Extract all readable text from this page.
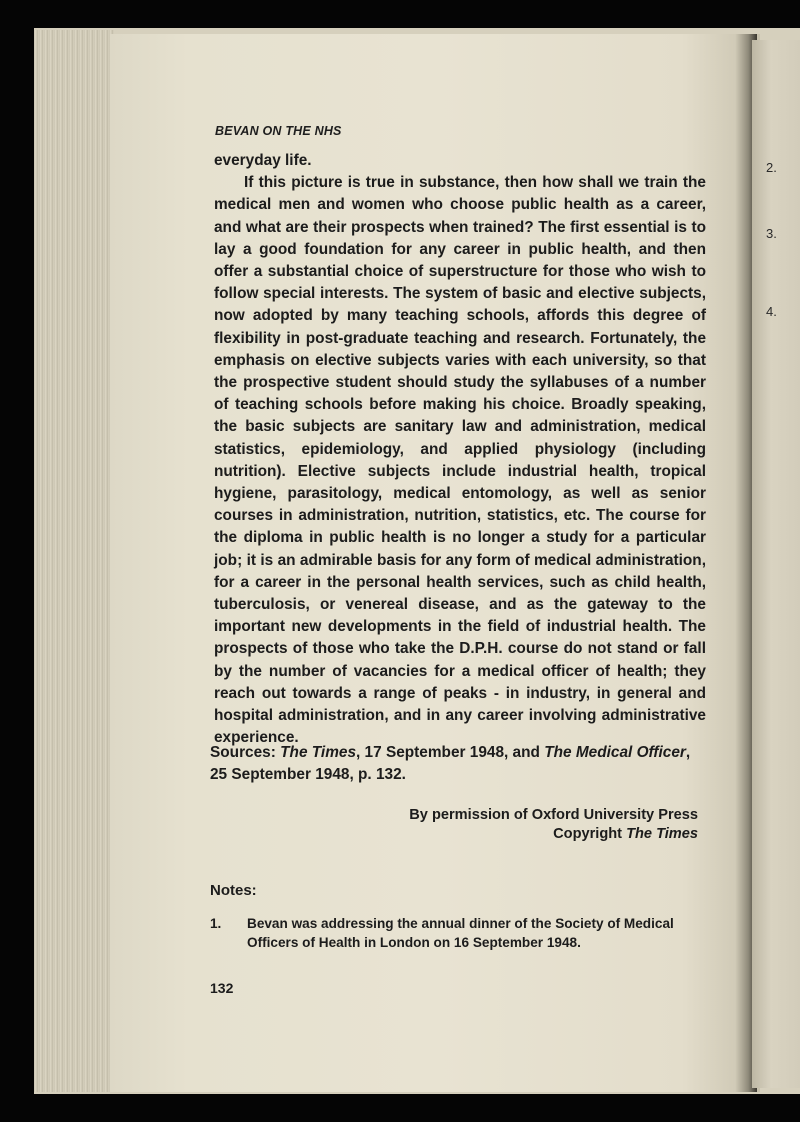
2.
3.
4.
BEVAN ON THE NHS

everyday life.

If this picture is true in substance, then how shall we train the medical men and women who choose public health as a career, and what are their prospects when trained? The first essential is to lay a good foundation for any career in public health, and then offer a substantial choice of superstructure for those who wish to follow special interests. The system of basic and elective subjects, now adopted by many teaching schools, affords this degree of flexibility in post-graduate teaching and research. Fortunately, the emphasis on elective subjects varies with each university, so that the prospective student should study the syllabuses of a number of teaching schools before making his choice. Broadly speaking, the basic subjects are sanitary law and administration, medical statistics, epidemiology, and applied physiology (including nutrition). Elective subjects include industrial health, tropical hygiene, parasitology, medical entomology, as well as senior courses in administration, nutrition, statistics, etc. The course for the diploma in public health is no longer a study for a particular job; it is an admirable basis for any form of medical administration, for a career in the personal health services, such as child health, tuberculosis, or venereal disease, and as the gateway to the important new developments in the field of industrial health. The prospects of those who take the D.P.H. course do not stand or fall by the number of vacancies for a medical officer of health; they reach out towards a range of peaks - in industry, in general and hospital administration, and in any career involving administrative experience.

Sources: The Times, 17 September 1948, and The Medical Officer, 25 September 1948, p. 132.
By permission of Oxford University Press
Copyright The Times
Notes:
1.	Bevan was addressing the annual dinner of the Society of Medical Officers of Health in London on 16 September 1948.
132
